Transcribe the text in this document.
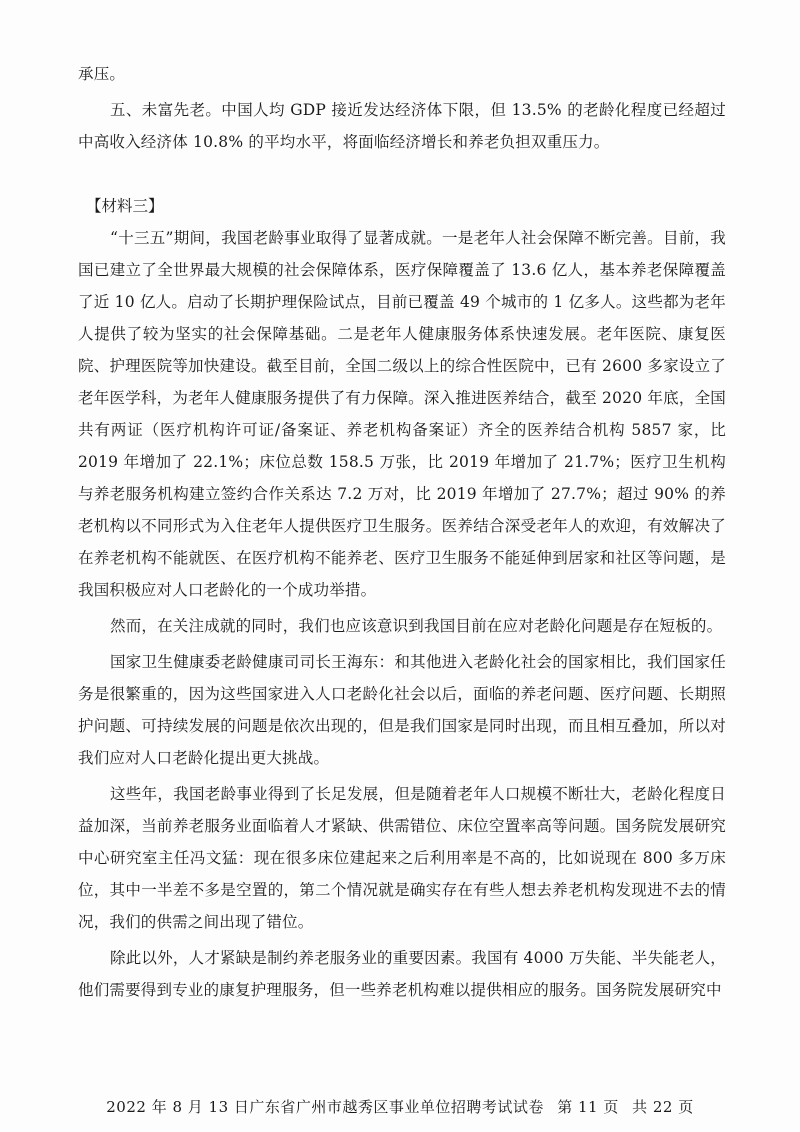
承压。

五、未富先老。中国人均 GDP 接近发达经济体下限，但 13.5% 的老龄化程度已经超过中高收入经济体 10.8% 的平均水平，将面临经济增长和养老负担双重压力。

【材料三】

“十三五”期间，我国老龄事业取得了显著成就。一是老年人社会保障不断完善。目前，我国已建立了全世界最大规模的社会保障体系，医疗保障覆盖了 13.6 亿人，基本养老保障覆盖了近 10 亿人。启动了长期护理保险试点，目前已覆盖 49 个城市的 1 亿多人。这些都为老年人提供了较为坚实的社会保障基础。二是老年人健康服务体系快速发展。老年医院、康复医院、护理医院等加快建设。截至目前，全国二级以上的综合性医院中，已有 2600 多家设立了老年医学科，为老年人健康服务提供了有力保障。深入推进医养结合，截至 2020 年底，全国共有两证（医疗机构许可证/备案证、养老机构备案证）齐全的医养结合机构 5857 家，比 2019 年增加了 22.1%；床位总数 158.5 万张，比 2019 年增加了 21.7%；医疗卫生机构与养老服务机构建立签约合作关系达 7.2 万对，比 2019 年增加了 27.7%；超过 90% 的养老机构以不同形式为入住老年人提供医疗卫生服务。医养结合深受老年人的欢迎，有效解决了在养老机构不能就医、在医疗机构不能养老、医疗卫生服务不能延伸到居家和社区等问题，是我国积极应对人口老龄化的一个成功举措。

然而，在关注成就的同时，我们也应该意识到我国目前在应对老龄化问题是存在短板的。

国家卫生健康委老龄健康司司长王海东：和其他进入老龄化社会的国家相比，我们国家任务是很繁重的，因为这些国家进入人口老龄化社会以后，面临的养老问题、医疗问题、长期照护问题、可持续发展的问题是依次出现的，但是我们国家是同时出现，而且相互叠加，所以对我们应对人口老龄化提出更大挑战。

这些年，我国老龄事业得到了长足发展，但是随着老年人口规模不断壮大，老龄化程度日益加深，当前养老服务业面临着人才紧缺、供需错位、床位空置率高等问题。国务院发展研究中心研究室主任冯文猛：现在很多床位建起来之后利用率是不高的，比如说现在 800 多万床位，其中一半差不多是空置的，第二个情况就是确实存在有些人想去养老机构发现进不去的情况，我们的供需之间出现了错位。

除此以外，人才紧缺是制约养老服务业的重要因素。我国有 4000 万失能、半失能老人，他们需要得到专业的康复护理服务，但一些养老机构难以提供相应的服务。国务院发展研究中

2022 年 8 月 13 日广东省广州市越秀区事业单位招聘考试试卷 第 11 页 共 22 页
